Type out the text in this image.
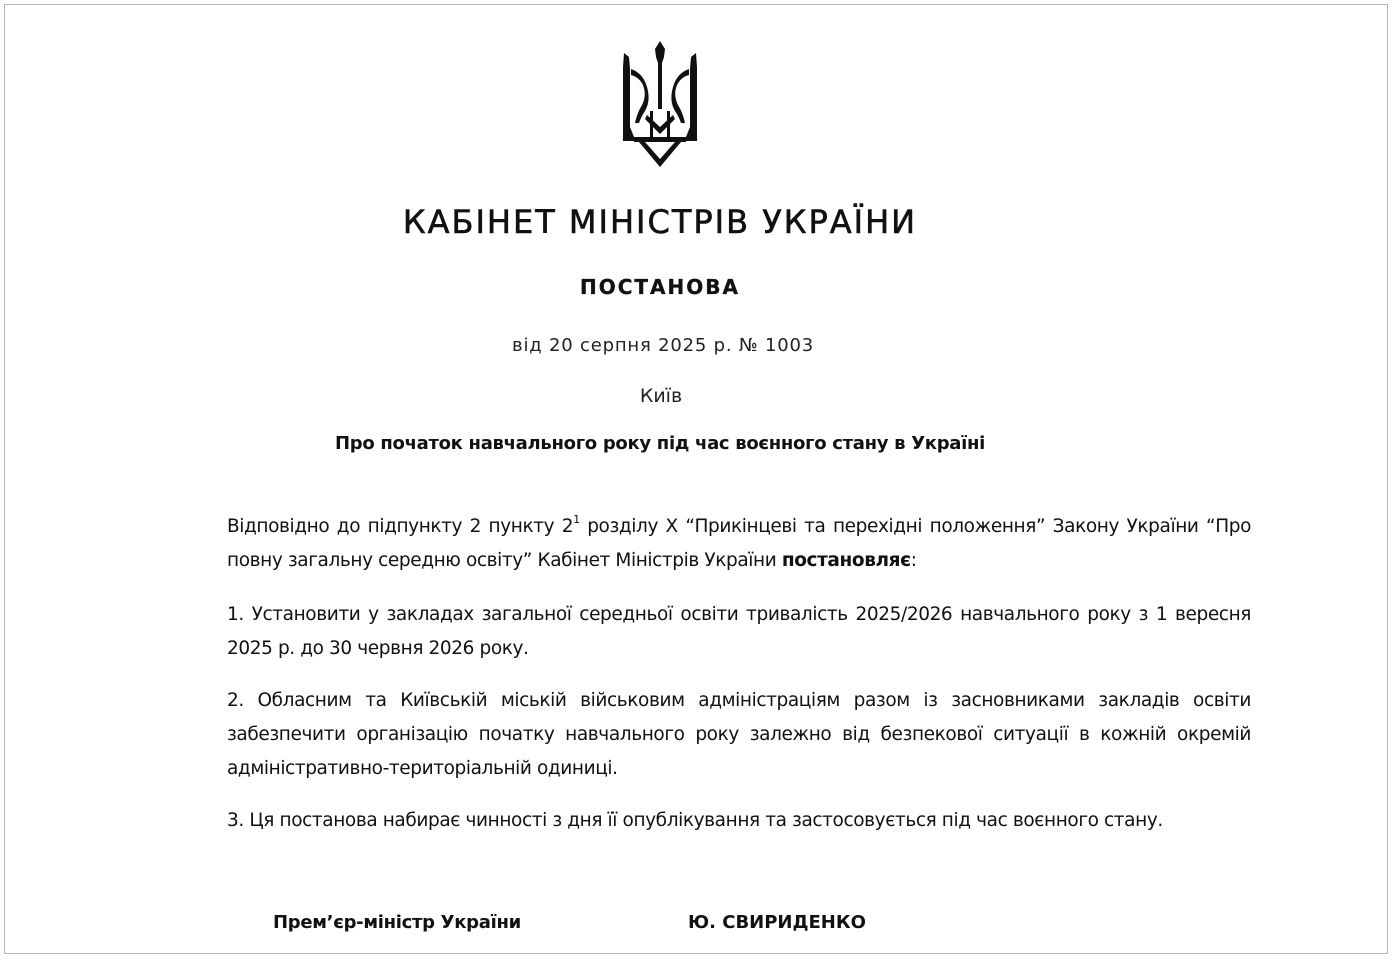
КАБІНЕТ МІНІСТРІВ УКРАЇНИ
ПОСТАНОВА
від 20 серпня 2025 р. № 1003
Київ
Про початок навчального року під час воєнного стану в Україні

Відповідно до підпункту 2 пункту $2^1$ розділу X “Прикінцеві та перехідні положення” Закону України “Про повну загальну середню освіту” Кабінет Міністрів України постановляє:

1. Установити у закладах загальної середньої освіти тривалість 2025/2026 навчального року з 1 вересня 2025 р. до 30 червня 2026 року.

2. Обласним та Київській міській військовим адміністраціям разом із засновниками закладів освіти забезпечити організацію початку навчального року залежно від безпекової ситуації в кожній окремій адміністративно-територіальній одиниці.

3. Ця постанова набирає чинності з дня її опублікування та застосовується під час воєнного стану.

Прем’єр-міністр України	Ю. СВИРИДЕНКО
